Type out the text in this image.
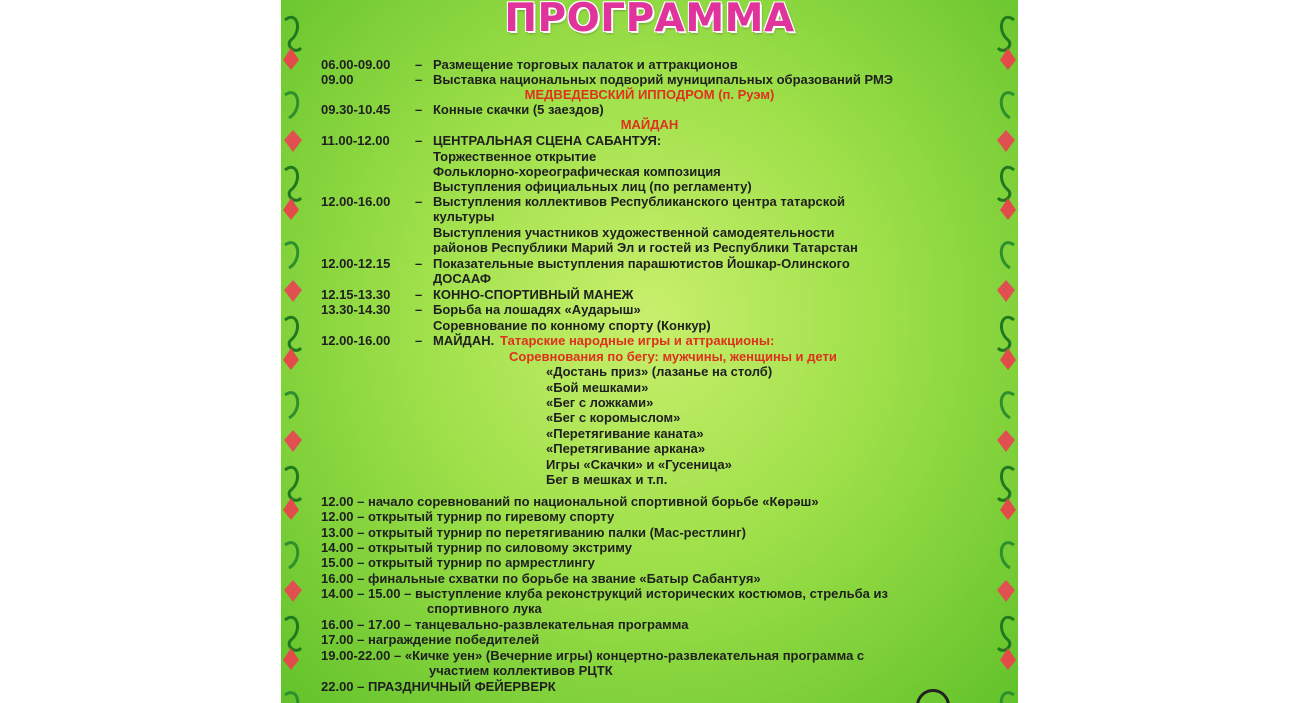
ПРОГРАММА
06.00-09.00 – Размещение торговых палаток и аттракционов
09.00	– Выставка национальных подворий муниципальных образований РМЭ
МЕДВЕДЕВСКИЙ ИППОДРОМ (п. Руэм)
09.30-10.45 – Конные скачки (5 заездов)
МАЙДАН
11.00-12.00 – ЦЕНТРАЛЬНАЯ СЦЕНА САБАНТУЯ:
Торжественное открытие
Фольклорно-хореографическая композиция
Выступления официальных лиц (по регламенту)
12.00-16.00 – Выступления коллективов Республиканского центра татарской
культуры
Выступления участников художественной самодеятельности
районов Республики Марий Эл и гостей из Республики Татарстан
12.00-12.15 – Показательные выступления парашютистов Йошкар-Олинского
ДОСААФ
12.15-13.30 – КОННО-СПОРТИВНЫЙ МАНЕЖ
13.30-14.30 – Борьба на лошадях «Аударыш»
Соревнование по конному спорту (Конкур)
12.00-16.00 – МАЙДАН. Татарские народные игры и аттракционы:
Соревнования по бегу: мужчины, женщины и дети
«Достань приз» (лазанье на столб)
«Бой мешками»
«Бег с ложками»
«Бег с коромыслом»
«Перетягивание каната»
«Перетягивание аркана»
Игры «Скачки» и «Гусеница»
Бег в мешках и т.п.
12.00 – начало соревнований по национальной спортивной борьбе «Көрәш»
12.00 – открытый турнир по гиревому спорту
13.00 – открытый турнир по перетягиванию палки (Мас-рестлинг)
14.00 – открытый турнир по силовому экстриму
15.00 – открытый турнир по армрестлингу
16.00 – финальные схватки по борьбе на звание «Батыр Сабантуя»
14.00 – 15.00 – выступление клуба реконструкций исторических костюмов, стрельба из
спортивного лука
16.00 – 17.00 – танцевально-развлекательная программа
17.00 – награждение победителей
19.00-22.00 – «Кичке уен» (Вечерние игры) концертно-развлекательная программа с
участием коллективов РЦТК
22.00 – ПРАЗДНИЧНЫЙ ФЕЙЕРВЕРК
